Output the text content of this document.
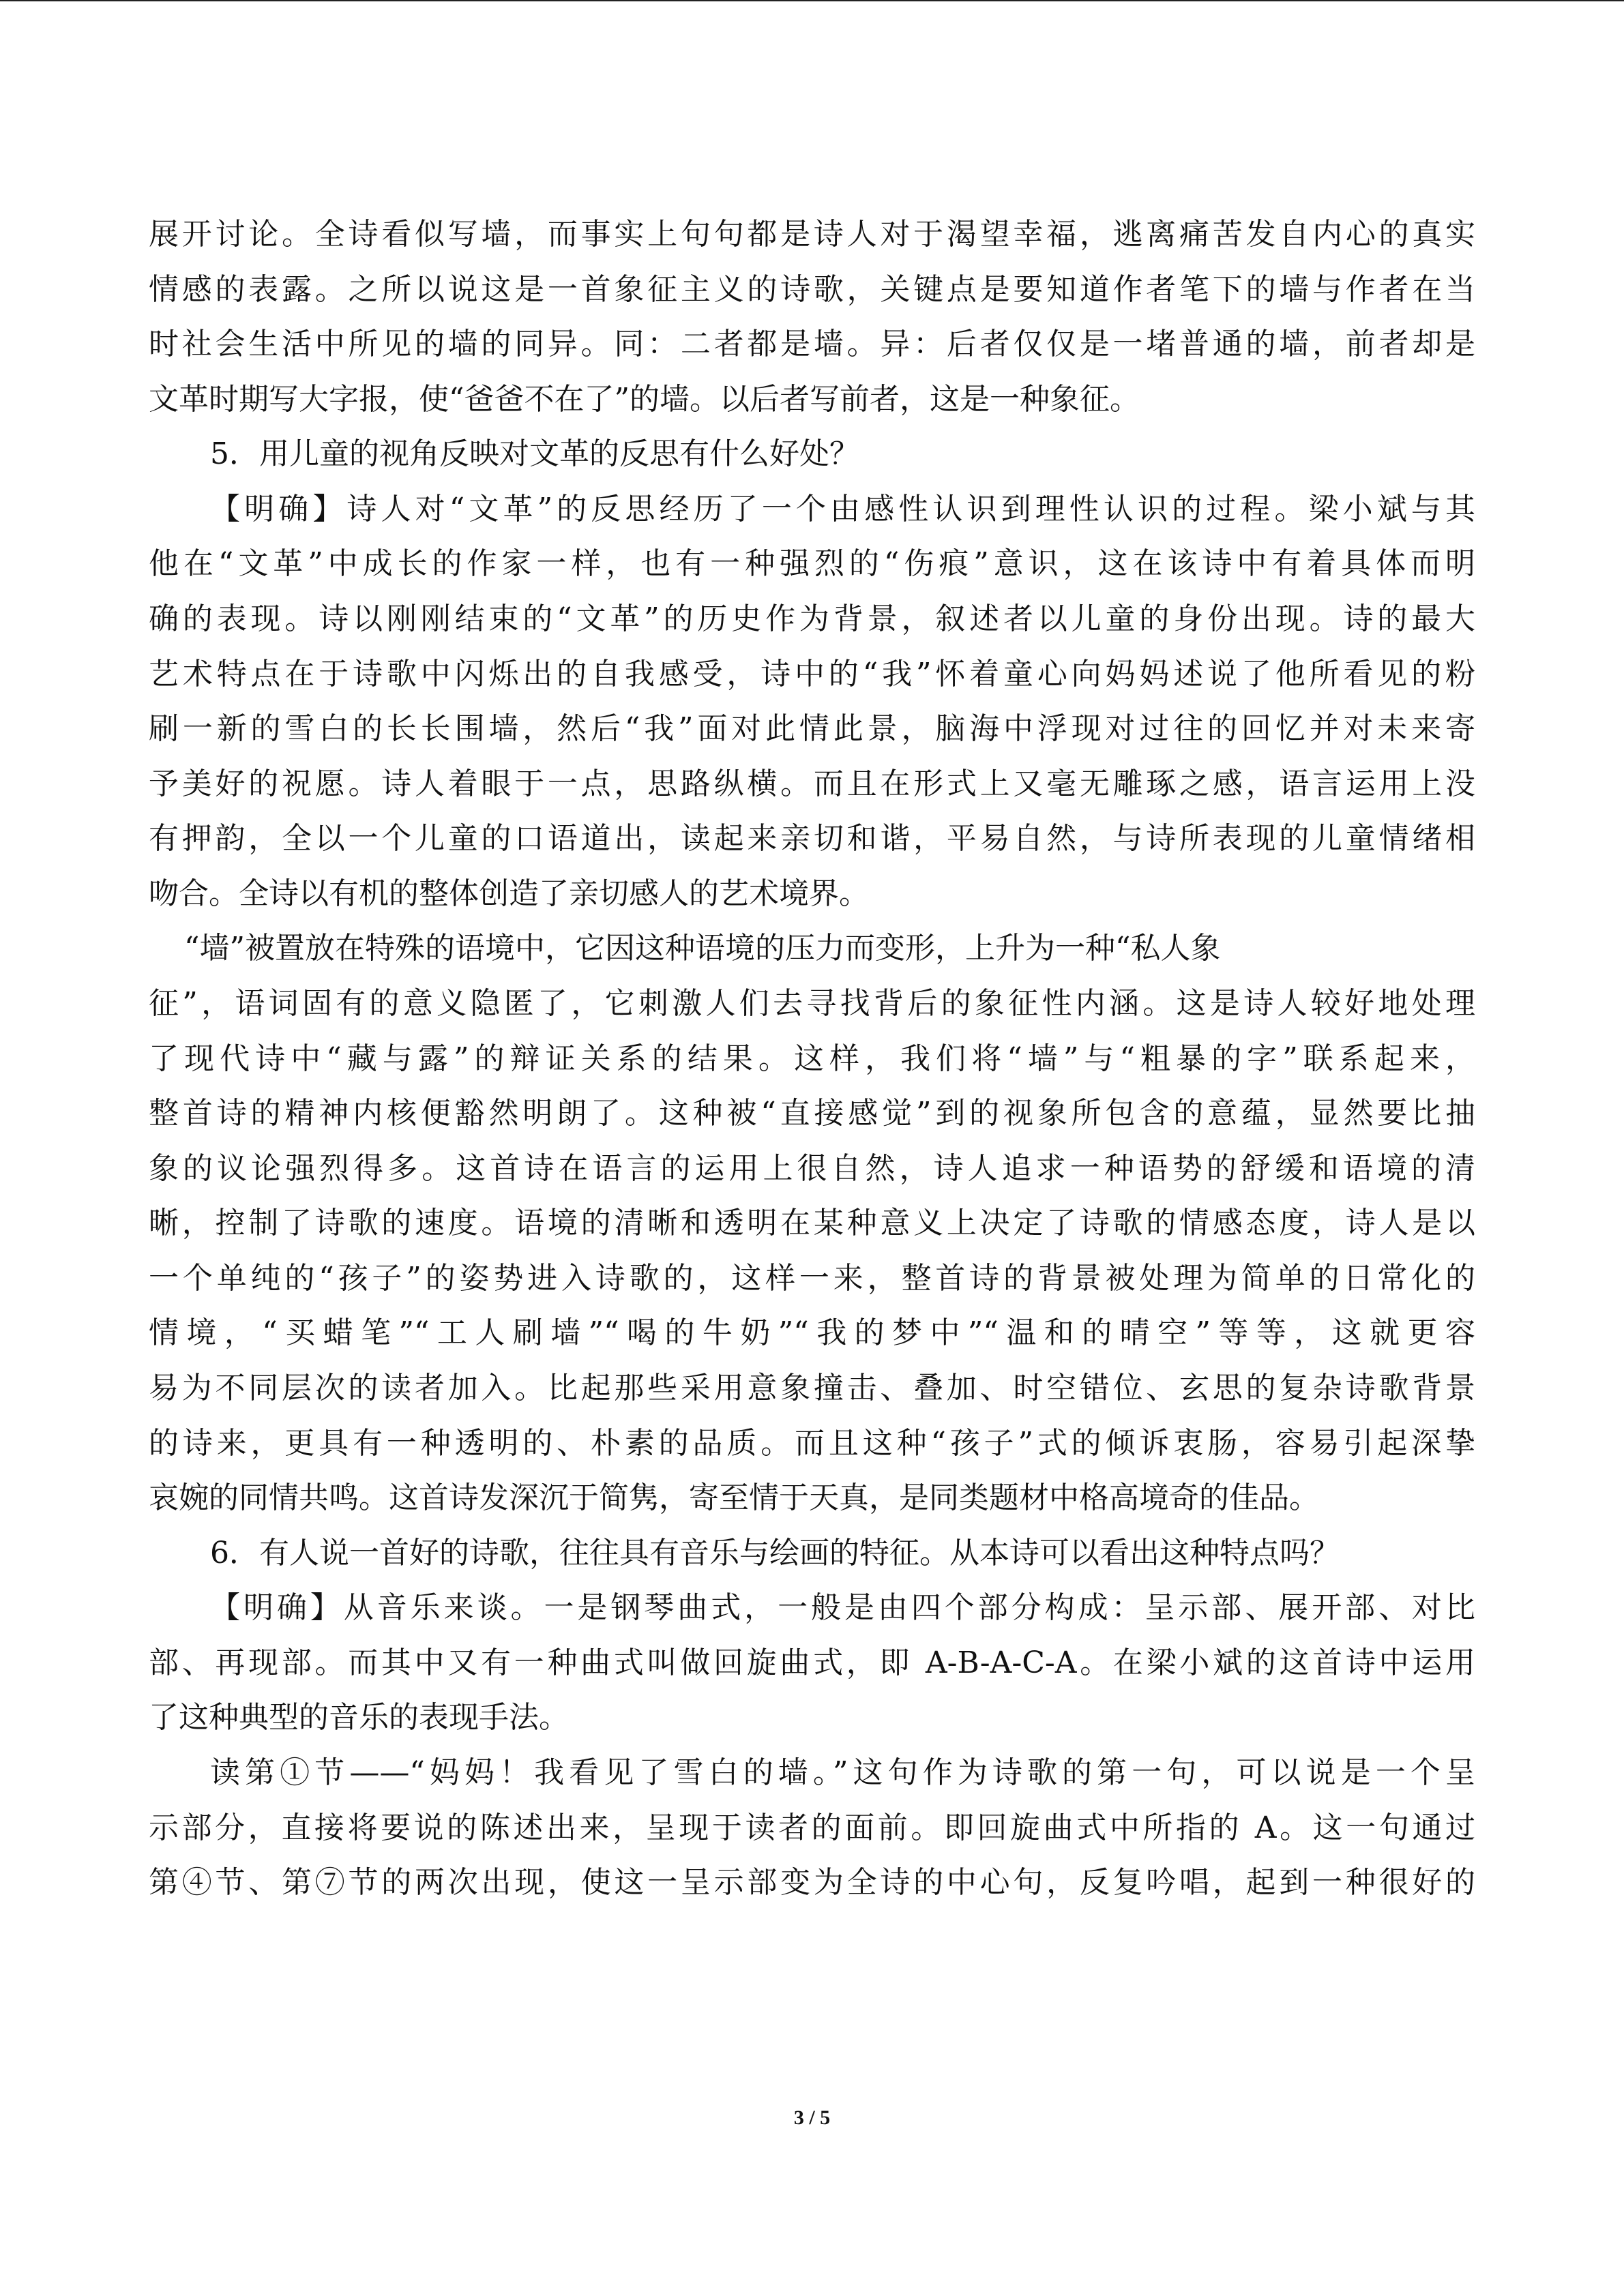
展开讨论。全诗看似写墙，而事实上句句都是诗人对于渴望幸福，逃离痛苦发自内心的真实
情感的表露。之所以说这是一首象征主义的诗歌，关键点是要知道作者笔下的墙与作者在当
时社会生活中所见的墙的同异。同：二者都是墙。异：后者仅仅是一堵普通的墙，前者却是
文革时期写大字报，使“爸爸不在了”的墙。以后者写前者，这是一种象征。
5．用儿童的视角反映对文革的反思有什么好处？
【明确】诗人对“文革”的反思经历了一个由感性认识到理性认识的过程。梁小斌与其
他在“文革”中成长的作家一样，也有一种强烈的“伤痕”意识，这在该诗中有着具体而明
确的表现。诗以刚刚结束的“文革”的历史作为背景，叙述者以儿童的身份出现。诗的最大
艺术特点在于诗歌中闪烁出的自我感受，诗中的“我”怀着童心向妈妈述说了他所看见的粉
刷一新的雪白的长长围墙，然后“我”面对此情此景，脑海中浮现对过往的回忆并对未来寄
予美好的祝愿。诗人着眼于一点，思路纵横。而且在形式上又毫无雕琢之感，语言运用上没
有押韵，全以一个儿童的口语道出，读起来亲切和谐，平易自然，与诗所表现的儿童情绪相
吻合。全诗以有机的整体创造了亲切感人的艺术境界。
“墙”被置放在特殊的语境中，它因这种语境的压力而变形，上升为一种“私人象
征”，语词固有的意义隐匿了，它刺激人们去寻找背后的象征性内涵。这是诗人较好地处理
了现代诗中“藏与露”的辩证关系的结果。这样，我们将“墙”与“粗暴的字”联系起来，
整首诗的精神内核便豁然明朗了。这种被“直接感觉”到的视象所包含的意蕴，显然要比抽
象的议论强烈得多。这首诗在语言的运用上很自然，诗人追求一种语势的舒缓和语境的清
晰，控制了诗歌的速度。语境的清晰和透明在某种意义上决定了诗歌的情感态度，诗人是以
一个单纯的“孩子”的姿势进入诗歌的，这样一来，整首诗的背景被处理为简单的日常化的
情境，“买蜡笔”“工人刷墙”“喝的牛奶”“我的梦中”“温和的晴空”等等，这就更容
易为不同层次的读者加入。比起那些采用意象撞击、叠加、时空错位、玄思的复杂诗歌背景
的诗来，更具有一种透明的、朴素的品质。而且这种“孩子”式的倾诉衷肠，容易引起深挚
哀婉的同情共鸣。这首诗发深沉于简隽，寄至情于天真，是同类题材中格高境奇的佳品。
6．有人说一首好的诗歌，往往具有音乐与绘画的特征。从本诗可以看出这种特点吗？
【明确】从音乐来谈。一是钢琴曲式，一般是由四个部分构成：呈示部、展开部、对比
部、再现部。而其中又有一种曲式叫做回旋曲式，即 A-B-A-C-A。在梁小斌的这首诗中运用
了这种典型的音乐的表现手法。
读第①节——“妈妈！我看见了雪白的墙。”这句作为诗歌的第一句，可以说是一个呈
示部分，直接将要说的陈述出来，呈现于读者的面前。即回旋曲式中所指的 A。这一句通过
第④节、第⑦节的两次出现，使这一呈示部变为全诗的中心句，反复吟唱，起到一种很好的
3 / 5
